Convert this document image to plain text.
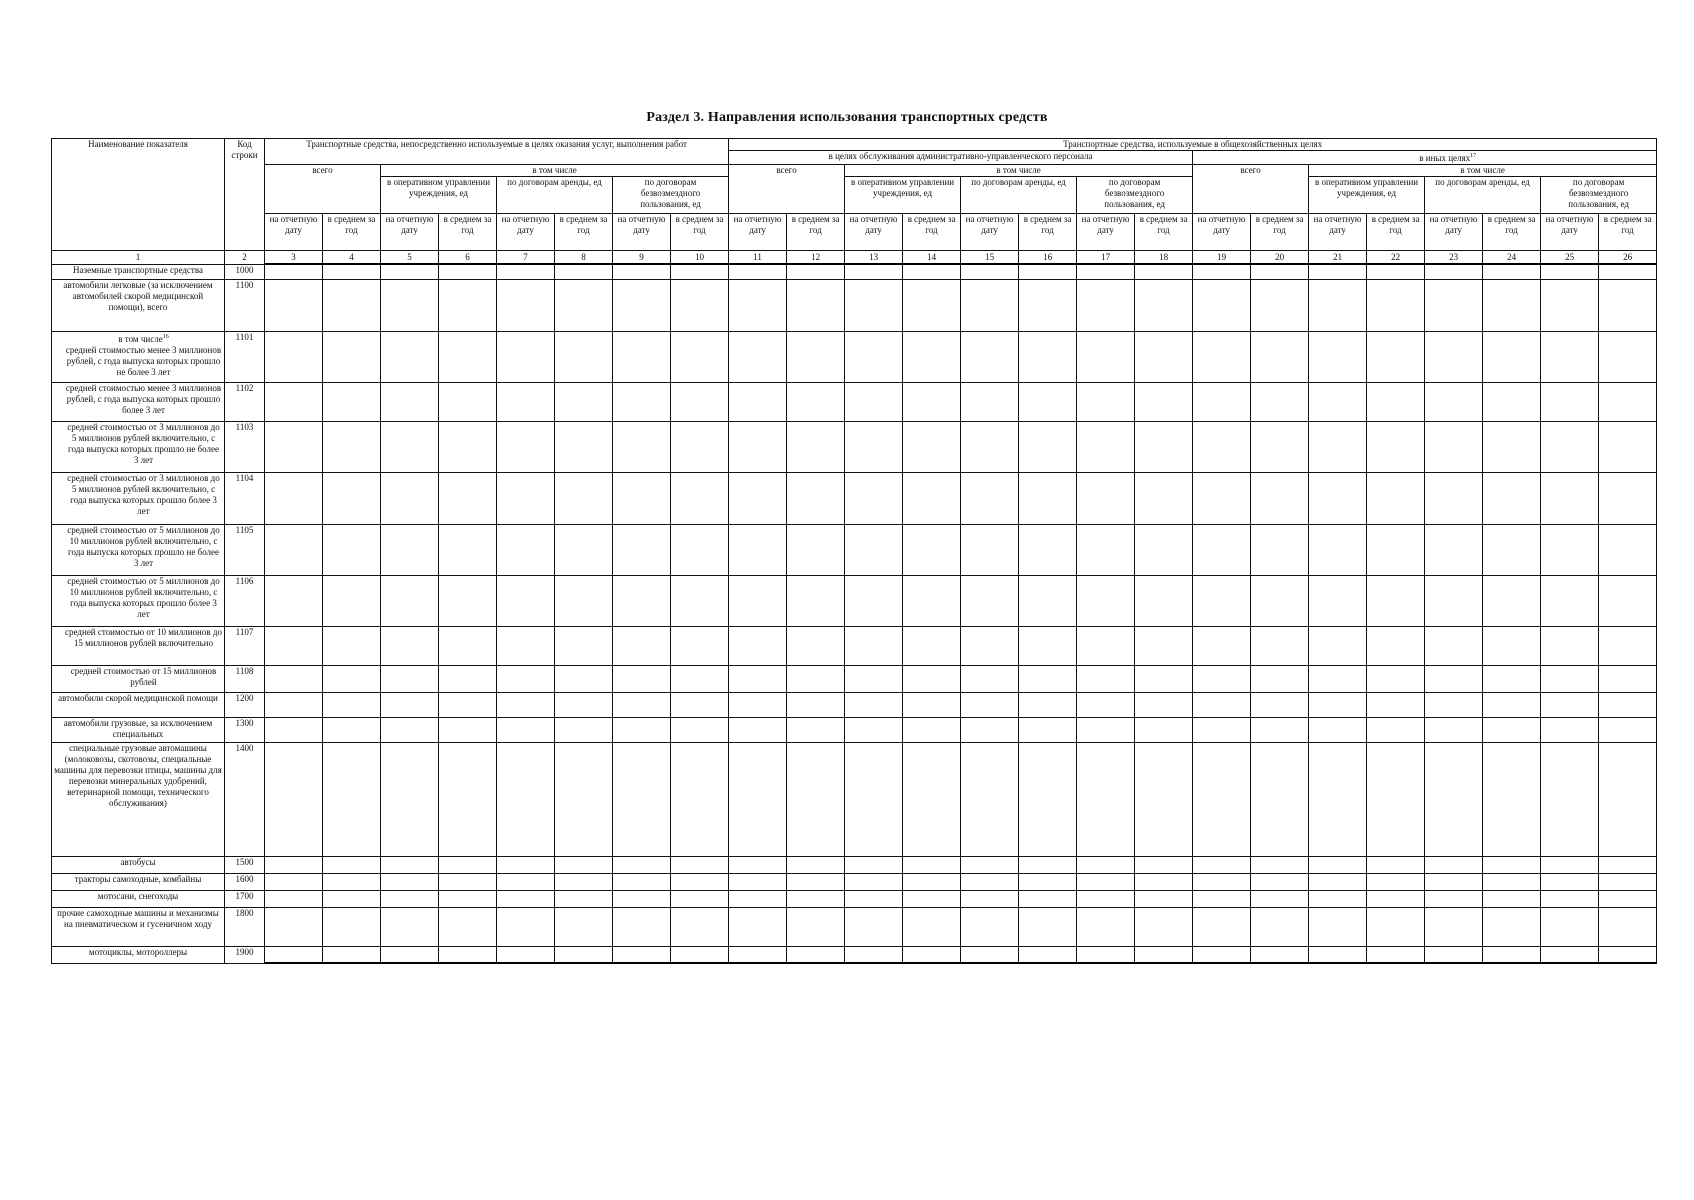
Раздел 3. Направления использования транспортных средств
Наименование показателя	Код строки	Транспортные средства, непосредственно используемые в целях оказания услуг, выполнения работ								Транспортные средства, используемые в общехозяйственных целях															
										в целях обслуживания административно-управленческого персонала								в иных целях$^{17}$
		всего		в том числе						всего		в том числе						всего		в том числе					
				в оперативном управлении учреждения, ед		по договорам аренды, ед		по договорам безвозмездного пользования, ед				в оперативном управлении учреждения, ед		по договорам аренды, ед		по договорам безвозмездного пользования, ед				в оперативном управлении учреждения, ед		по договорам аренды, ед		по договорам безвозмездного пользования, ед	
		на отчетную дату	в среднем за год	на отчетную дату	в среднем за год	на отчетную дату	в среднем за год	на отчетную дату	в среднем за год	на отчетную дату	в среднем за год	на отчетную дату	в среднем за год	на отчетную дату	в среднем за год	на отчетную дату	в среднем за год	на отчетную дату	в среднем за год	на отчетную дату	в среднем за год	на отчетную дату	в среднем за год	на отчетную дату	в среднем за год
1	2	3	4	5	6	7	8	9	10	11	12	13	14	15	16	17	18	19	20	21	22	23	24	25	26
Наземные транспортные средства	1000																								
автомобили легковые (за исключением автомобилей скорой медицинской помощи), всего	1100																								

в том числе$^{16}$
средней стоимостью менее 3 миллионов рублей, с года выпуска которых прошло не более 3 лет	1101																								
средней стоимостью менее 3 миллионов рублей, с года выпуска которых прошло более 3 лет	1102																								
средней стоимостью от 3 миллионов до 5 миллионов рублей включительно, с года выпуска которых прошло не более 3 лет	1103																								
средней стоимостью от 3 миллионов до 5 миллионов рублей включительно, с года выпуска которых прошло более 3 лет	1104																								
средней стоимостью от 5 миллионов до 10 миллионов рублей включительно, с года выпуска которых прошло не более 3 лет	1105																								
средней стоимостью от 5 миллионов до 10 миллионов рублей включительно, с года выпуска которых прошло более 3 лет	1106																								
средней стоимостью от 10 миллионов до 15 миллионов рублей включительно	1107																								
средней стоимостью от 15 миллионов рублей	1108																								
автомобили скорой медицинской помощи	1200																								
автомобили грузовые, за исключением специальных	1300																								
специальные грузовые автомашины (молоковозы, скотовозы, специальные машины для перевозки птицы, машины для перевозки минеральных удобрений, ветеринарной помощи, технического обслуживания)	1400																								
автобусы	1500																								
тракторы самоходные, комбайны	1600																								
мотосани, снегоходы	1700																								
прочие самоходные машины и механизмы на пневматическом и гусеничном ходу	1800																								
мотоциклы, мотороллеры	1900																								
